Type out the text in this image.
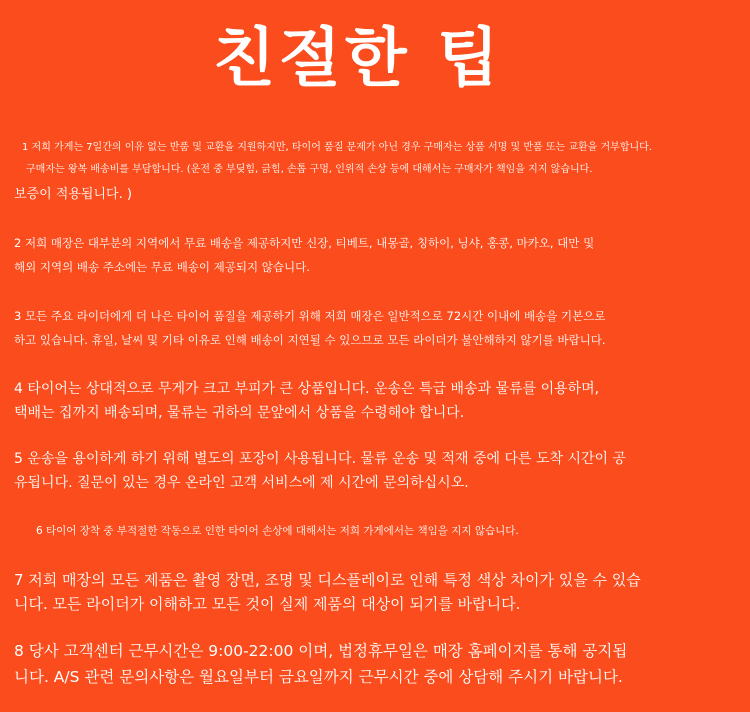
친절한 팁
1 저희 가게는 7일간의 이유 없는 반품 및 교환을 지원하지만, 타이어 품질 문제가 아닌 경우 구매자는 상품 서명 및 반품 또는 교환을 거부합니다.
구매자는 왕복 배송비를 부담합니다. (운전 중 부딪힘, 긁힘, 손톱 구멍, 인위적 손상 등에 대해서는 구매자가 책임을 지지 않습니다.
보증이 적용됩니다. )
2 저희 매장은 대부분의 지역에서 무료 배송을 제공하지만 신장, 티베트, 내몽골, 칭하이, 닝샤, 홍콩, 마카오, 대만 및
해외 지역의 배송 주소에는 무료 배송이 제공되지 않습니다.
3 모든 주요 라이더에게 더 나은 타이어 품질을 제공하기 위해 저희 매장은 일반적으로 72시간 이내에 배송을 기본으로
하고 있습니다. 휴일, 날씨 및 기타 이유로 인해 배송이 지연될 수 있으므로 모든 라이더가 불안해하지 않기를 바랍니다.
4 타이어는 상대적으로 무게가 크고 부피가 큰 상품입니다. 운송은 특급 배송과 물류를 이용하며,
택배는 집까지 배송되며, 물류는 귀하의 문앞에서 상품을 수령해야 합니다.
5 운송을 용이하게 하기 위해 별도의 포장이 사용됩니다. 물류 운송 및 적재 중에 다른 도착 시간이 공
유됩니다. 질문이 있는 경우 온라인 고객 서비스에 제 시간에 문의하십시오.
6 타이어 장착 중 부적절한 작동으로 인한 타이어 손상에 대해서는 저희 가게에서는 책임을 지지 않습니다.
7 저희 매장의 모든 제품은 촬영 장면, 조명 및 디스플레이로 인해 특정 색상 차이가 있을 수 있습
니다. 모든 라이더가 이해하고 모든 것이 실제 제품의 대상이 되기를 바랍니다.
8 당사 고객센터 근무시간은 9:00-22:00 이며, 법정휴무일은 매장 홈페이지를 통해 공지됩
니다. A/S 관련 문의사항은 월요일부터 금요일까지 근무시간 중에 상담해 주시기 바랍니다.
